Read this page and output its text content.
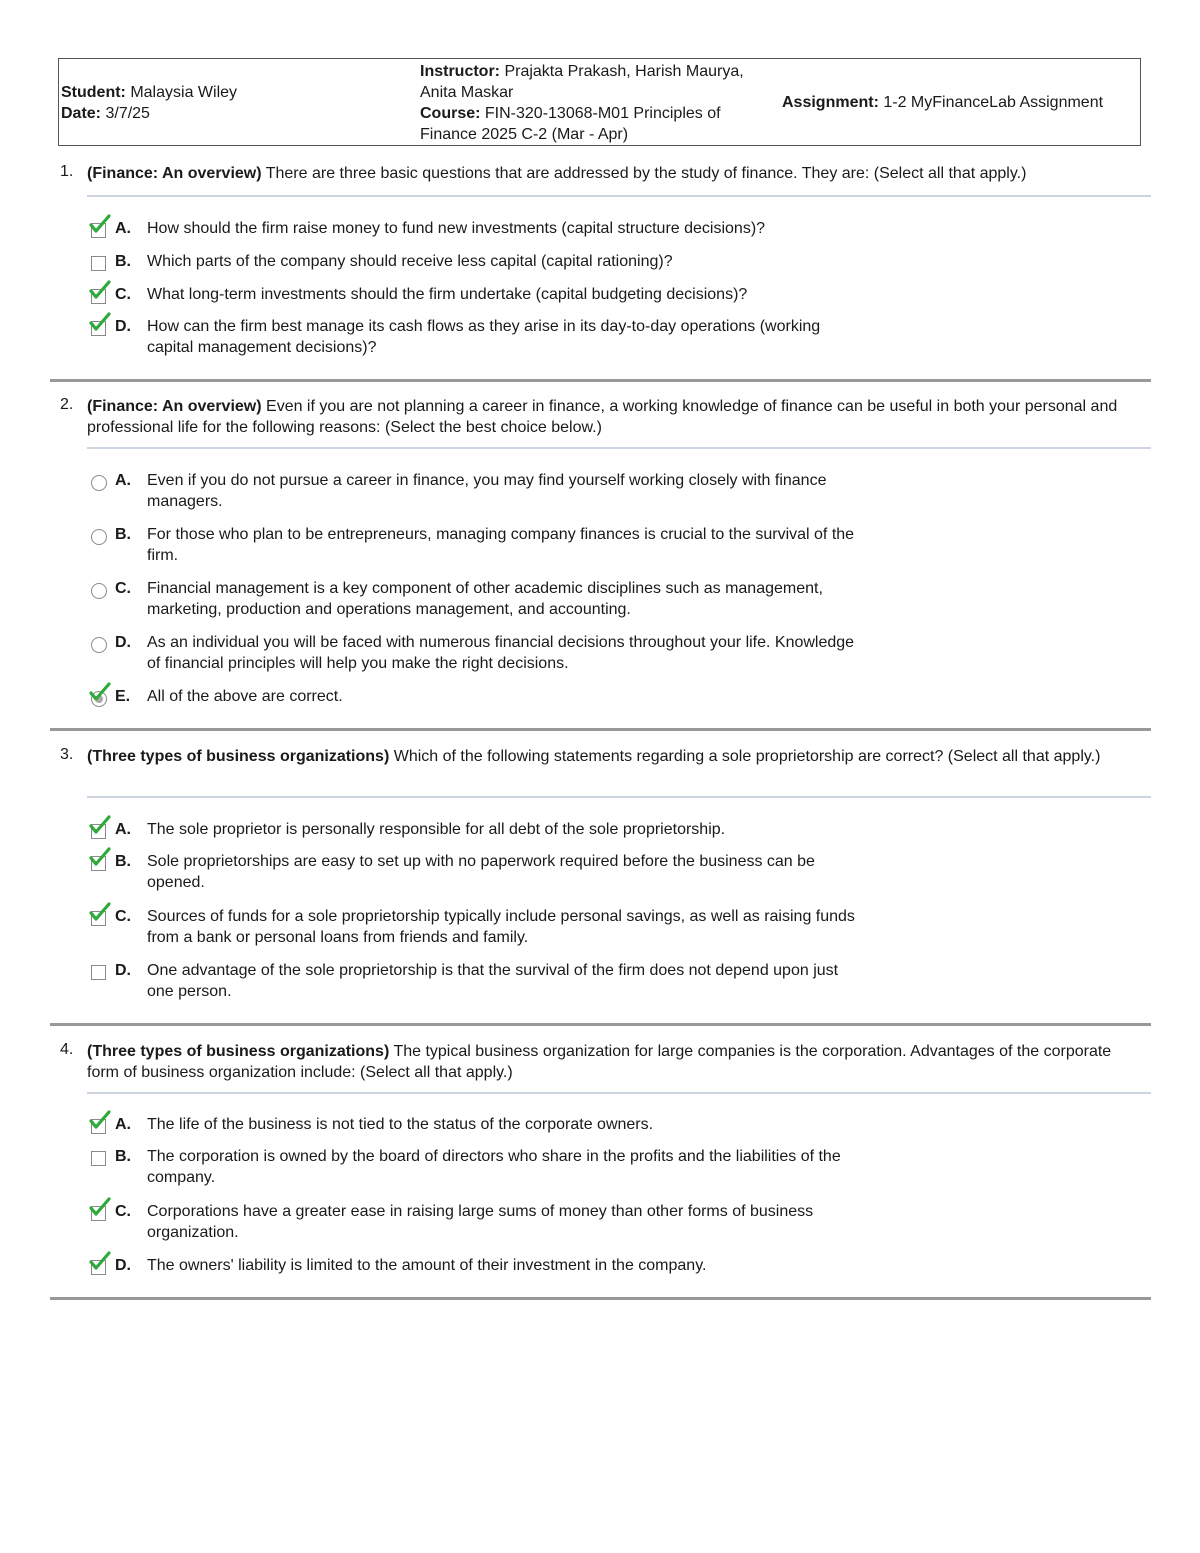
Student: Malaysia Wiley
Date: 3/7/25
Instructor: Prajakta Prakash, Harish Maurya, Anita Maskar
Course: FIN-320-13068-M01 Principles of Finance 2025 C-2 (Mar - Apr)
Assignment: 1-2 MyFinanceLab Assignment
1. (Finance: An overview) There are three basic questions that are addressed by the study of finance. They are: (Select all that apply.)
A. How should the firm raise money to fund new investments (capital structure decisions)?
B. Which parts of the company should receive less capital (capital rationing)?
C. What long-term investments should the firm undertake (capital budgeting decisions)?
D. How can the firm best manage its cash flows as they arise in its day-to-day operations (working capital management decisions)?
2. (Finance: An overview) Even if you are not planning a career in finance, a working knowledge of finance can be useful in both your personal and professional life for the following reasons: (Select the best choice below.)
A. Even if you do not pursue a career in finance, you may find yourself working closely with finance managers.
B. For those who plan to be entrepreneurs, managing company finances is crucial to the survival of the firm.
C. Financial management is a key component of other academic disciplines such as management, marketing, production and operations management, and accounting.
D. As an individual you will be faced with numerous financial decisions throughout your life. Knowledge of financial principles will help you make the right decisions.
E. All of the above are correct.
3. (Three types of business organizations) Which of the following statements regarding a sole proprietorship are correct? (Select all that apply.)
A. The sole proprietor is personally responsible for all debt of the sole proprietorship.
B. Sole proprietorships are easy to set up with no paperwork required before the business can be opened.
C. Sources of funds for a sole proprietorship typically include personal savings, as well as raising funds from a bank or personal loans from friends and family.
D. One advantage of the sole proprietorship is that the survival of the firm does not depend upon just one person.
4. (Three types of business organizations) The typical business organization for large companies is the corporation. Advantages of the corporate form of business organization include: (Select all that apply.)
A. The life of the business is not tied to the status of the corporate owners.
B. The corporation is owned by the board of directors who share in the profits and the liabilities of the company.
C. Corporations have a greater ease in raising large sums of money than other forms of business organization.
D. The owners' liability is limited to the amount of their investment in the company.
